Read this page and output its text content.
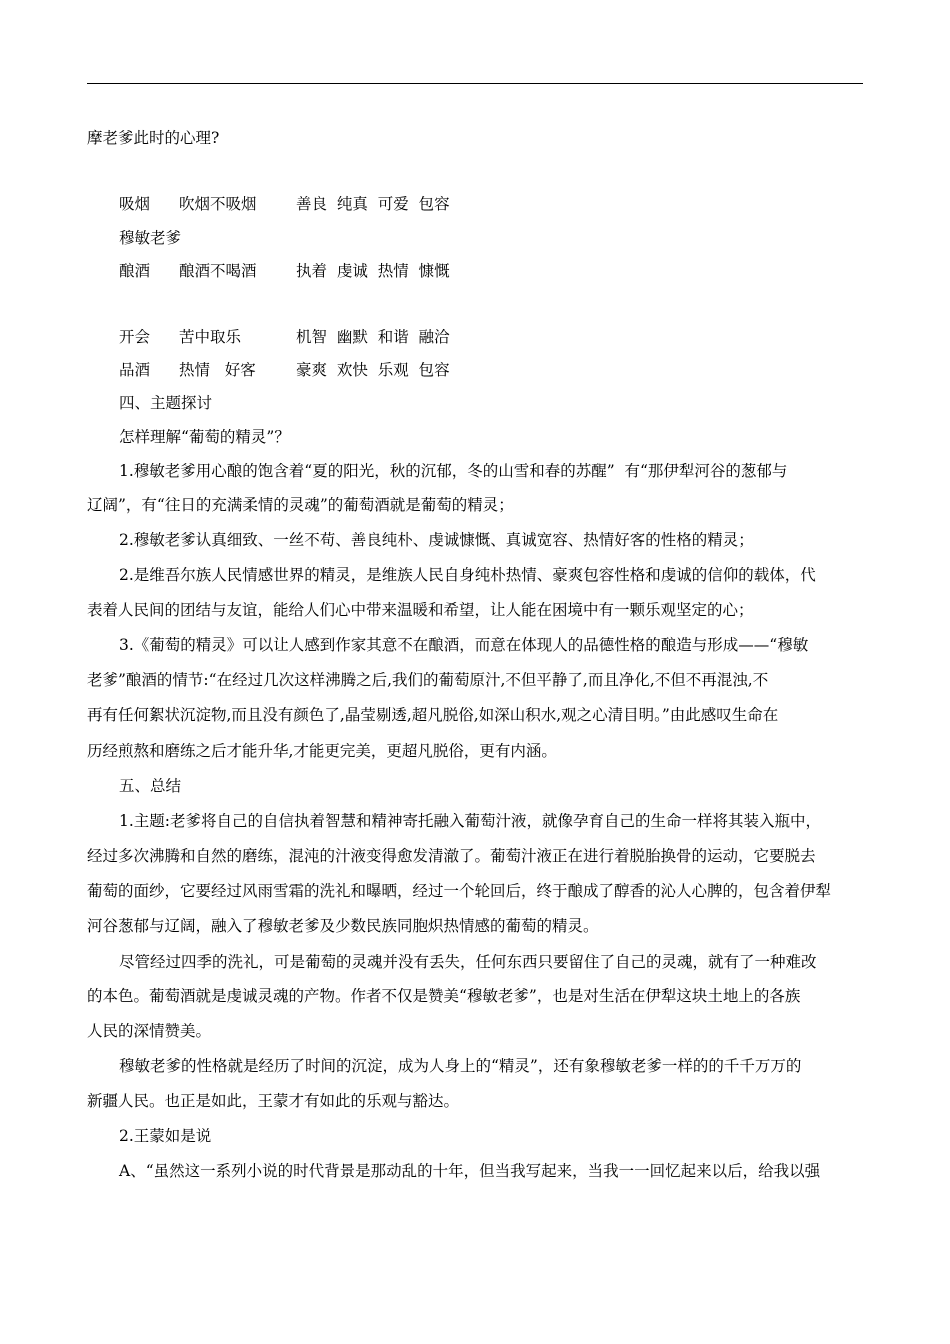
摩老爹此时的心理?
吸烟 吹烟不吸烟	善良  纯真  可爱  包容
穆敏老爹
酿酒 酿酒不喝酒	执着  虔诚  热情  慷慨
开会 苦中取乐	机智  幽默  和谐  融洽
品酒 热情   好客	豪爽  欢快  乐观  包容
四、主题探讨
怎样理解“葡萄的精灵”？
1.穆敏老爹用心酿的饱含着“夏的阳光，秋的沉郁，冬的山雪和春的苏醒”  有“那伊犁河谷的葱郁与
辽阔”，有“往日的充满柔情的灵魂”的葡萄酒就是葡萄的精灵；
2.穆敏老爹认真细致、一丝不苟、善良纯朴、虔诚慷慨、真诚宽容、热情好客的性格的精灵；
2.是维吾尔族人民情感世界的精灵，是维族人民自身纯朴热情、豪爽包容性格和虔诚的信仰的载体，代
表着人民间的团结与友谊，能给人们心中带来温暖和希望，让人能在困境中有一颗乐观坚定的心；
3.《葡萄的精灵》可以让人感到作家其意不在酿酒，而意在体现人的品德性格的酿造与形成——“穆敏
老爹”酿酒的情节:“在经过几次这样沸腾之后,我们的葡萄原汁,不但平静了,而且净化,不但不再混浊,不
再有任何絮状沉淀物,而且没有颜色了,晶莹剔透,超凡脱俗,如深山积水,观之心清目明。”由此感叹生命在
历经煎熬和磨练之后才能升华,才能更完美，更超凡脱俗，更有内涵。
五、总结
1.主题:老爹将自己的自信执着智慧和精神寄托融入葡萄汁液，就像孕育自己的生命一样将其装入瓶中，
经过多次沸腾和自然的磨练，混沌的汁液变得愈发清澈了。葡萄汁液正在进行着脱胎换骨的运动，它要脱去
葡萄的面纱，它要经过风雨雪霜的洗礼和曝晒，经过一个轮回后，终于酿成了醇香的沁人心脾的，包含着伊犁
河谷葱郁与辽阔，融入了穆敏老爹及少数民族同胞炽热情感的葡萄的精灵。
尽管经过四季的洗礼，可是葡萄的灵魂并没有丢失，任何东西只要留住了自己的灵魂，就有了一种难改
的本色。葡萄酒就是虔诚灵魂的产物。作者不仅是赞美“穆敏老爹”，也是对生活在伊犁这块土地上的各族
人民的深情赞美。
穆敏老爹的性格就是经历了时间的沉淀，成为人身上的“精灵”，还有象穆敏老爹一样的的千千万万的
新疆人民。也正是如此，王蒙才有如此的乐观与豁达。
2.王蒙如是说
A、“虽然这一系列小说的时代背景是那动乱的十年，但当我写起来，当我一一回忆起来以后，给我以强
